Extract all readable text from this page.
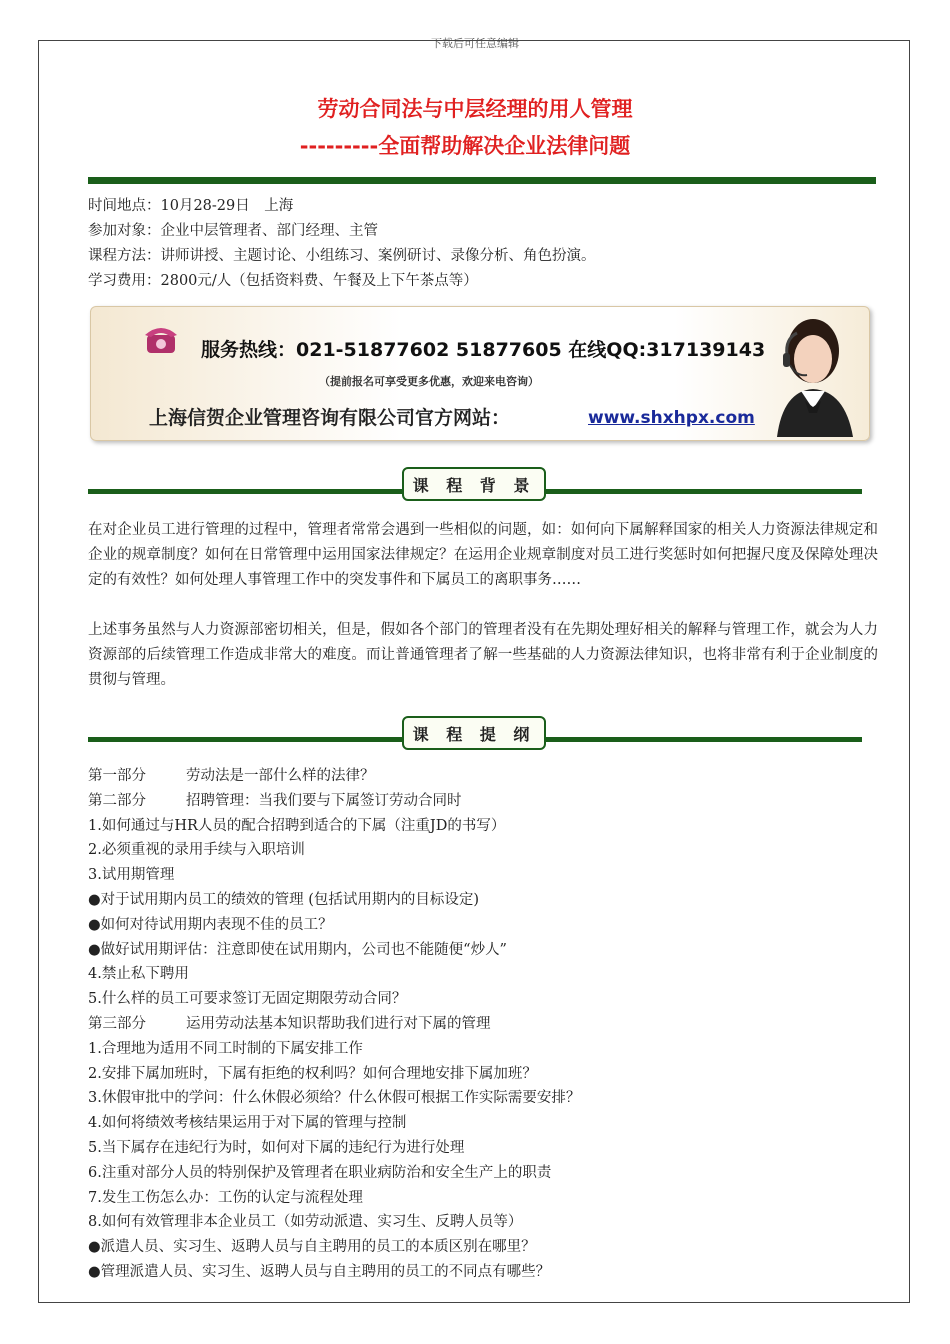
下载后可任意编辑
劳动合同法与中层经理的用人管理
---------全面帮助解决企业法律问题
时间地点：10月28-29日　上海
参加对象：企业中层管理者、部门经理、主管
课程方法：讲师讲授、主题讨论、小组练习、案例研讨、录像分析、角色扮演。
学习费用：2800元/人（包括资料费、午餐及上下午茶点等）
服务热线：021-51877602 51877605 在线QQ:317139143
（提前报名可享受更多优惠，欢迎来电咨询）
上海信贺企业管理咨询有限公司官方网站：	www.shxhpx.com
课 程 背 景
在对企业员工进行管理的过程中，管理者常常会遇到一些相似的问题，如：如何向下属解释国家的相关人力资源法律规定和企业的规章制度？如何在日常管理中运用国家法律规定？在运用企业规章制度对员工进行奖惩时如何把握尺度及保障处理决定的有效性？如何处理人事管理工作中的突发事件和下属员工的离职事务……
上述事务虽然与人力资源部密切相关，但是，假如各个部门的管理者没有在先期处理好相关的解释与管理工作，就会为人力资源部的后续管理工作造成非常大的难度。而让普通管理者了解一些基础的人力资源法律知识，也将非常有利于企业制度的贯彻与管理。
课 程 提 纲
第一部分	劳动法是一部什么样的法律？
第二部分	招聘管理：当我们要与下属签订劳动合同时
1.如何通过与HR人员的配合招聘到适合的下属（注重JD的书写）
2.必须重视的录用手续与入职培训
3.试用期管理
●对于试用期内员工的绩效的管理 (包括试用期内的目标设定)
●如何对待试用期内表现不佳的员工？
●做好试用期评估：注意即使在试用期内，公司也不能随便“炒人”
4.禁止私下聘用
5.什么样的员工可要求签订无固定期限劳动合同？
第三部分	运用劳动法基本知识帮助我们进行对下属的管理
1.合理地为适用不同工时制的下属安排工作
2.安排下属加班时，下属有拒绝的权利吗？如何合理地安排下属加班？
3.休假审批中的学问：什么休假必须给？什么休假可根据工作实际需要安排？
4.如何将绩效考核结果运用于对下属的管理与控制
5.当下属存在违纪行为时，如何对下属的违纪行为进行处理
6.注重对部分人员的特别保护及管理者在职业病防治和安全生产上的职责
7.发生工伤怎么办：工伤的认定与流程处理
8.如何有效管理非本企业员工（如劳动派遣、实习生、反聘人员等）
●派遣人员、实习生、返聘人员与自主聘用的员工的本质区别在哪里？
●管理派遣人员、实习生、返聘人员与自主聘用的员工的不同点有哪些？
